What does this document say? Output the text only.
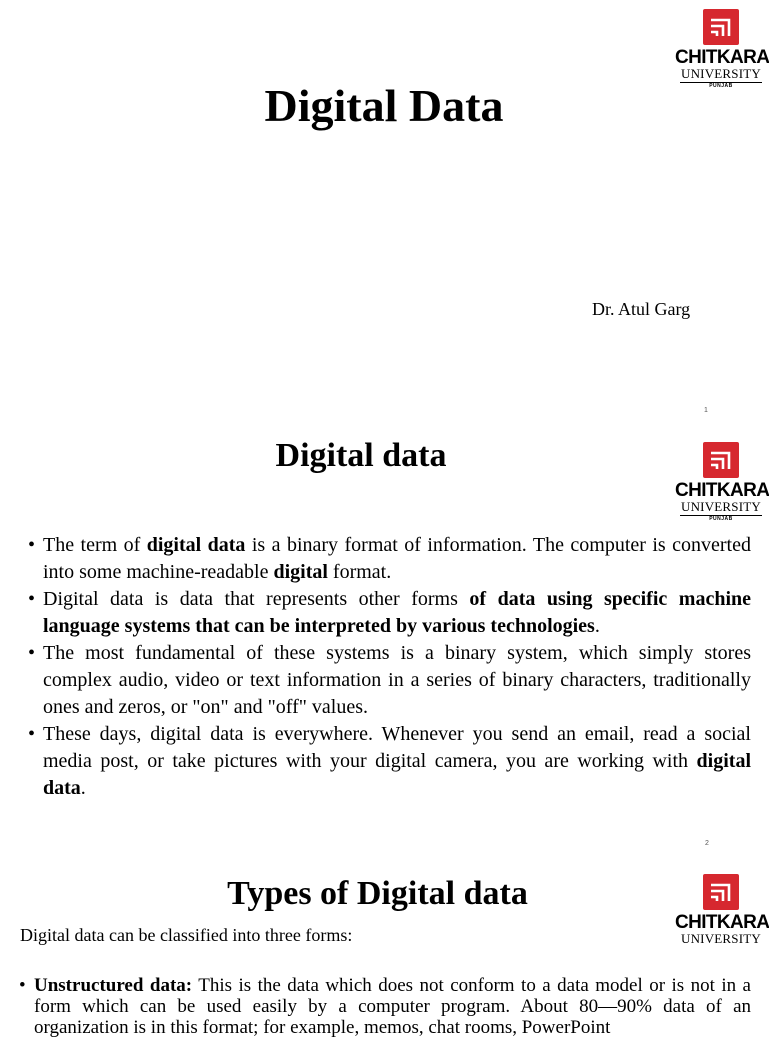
CHITKARA
UNIVERSITY
PUNJAB
Digital Data
Dr. Atul Garg
1
CHITKARA
UNIVERSITY
PUNJAB
Digital data
• The term of digital data is a binary format of information. The computer is converted into some machine-readable digital format.
• Digital data is data that represents other forms of data using specific machine language systems that can be interpreted by various technologies.
• The most fundamental of these systems is a binary system, which simply stores complex audio, video or text information in a series of binary characters, traditionally ones and zeros, or "on" and "off" values.
• These days, digital data is everywhere. Whenever you send an email, read a social media post, or take pictures with your digital camera, you are working with digital data.
2
CHITKARA
UNIVERSITY
Types of Digital data
Digital data can be classified into three forms:
• Unstructured data: This is the data which does not conform to a data model or is not in a form which can be used easily by a computer program. About 80—90% data of an organization is in this format; for example, memos, chat rooms, PowerPoint
